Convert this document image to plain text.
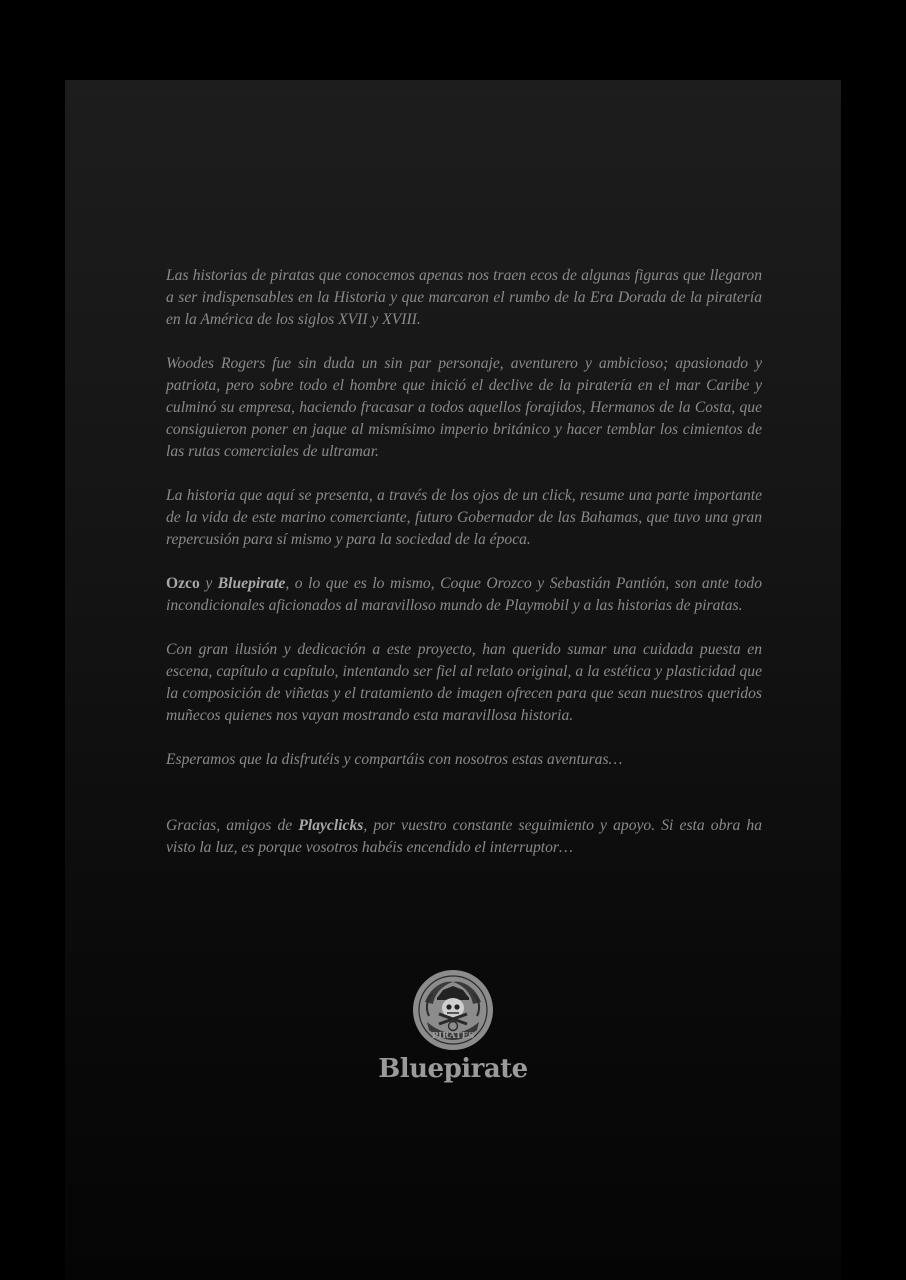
Las historias de piratas que conocemos apenas nos traen ecos de algunas figuras que llegaron a ser indispensables en la Historia y que marcaron el rumbo de la Era Dorada de la piratería en la América de los siglos XVII y XVIII.

Woodes Rogers fue sin duda un sin par personaje, aventurero y ambicioso; apasionado y patriota, pero sobre todo el hombre que inició el declive de la piratería en el mar Caribe y culminó su empresa, haciendo fracasar a todos aquellos forajidos, Hermanos de la Costa, que consiguieron poner en jaque al mismísimo imperio británico y hacer temblar los cimientos de las rutas comerciales de ultramar.

La historia que aquí se presenta, a través de los ojos de un click, resume una parte importante de la vida de este marino comerciante, futuro Gobernador de las Bahamas, que tuvo una gran repercusión para sí mismo y para la sociedad de la época.

Ozco y Bluepirate, o lo que es lo mismo, Coque Orozco y Sebastián Pantión, son ante todo incondicionales aficionados al maravilloso mundo de Playmobil y a las historias de piratas.

Con gran ilusión y dedicación a este proyecto, han querido sumar una cuidada puesta en escena, capítulo a capítulo, intentando ser fiel al relato original, a la estética y plasticidad que la composición de viñetas y el tratamiento de imagen ofrecen para que sean nuestros queridos muñecos quienes nos vayan mostrando esta maravillosa historia.

Esperamos que la disfrutéis y compartáis con nosotros estas aventuras…

Gracias, amigos de Playclicks, por vuestro constante seguimiento y apoyo. Si esta obra ha visto la luz, es porque vosotros habéis encendido el interruptor…

PIRATES
Bluepirate
